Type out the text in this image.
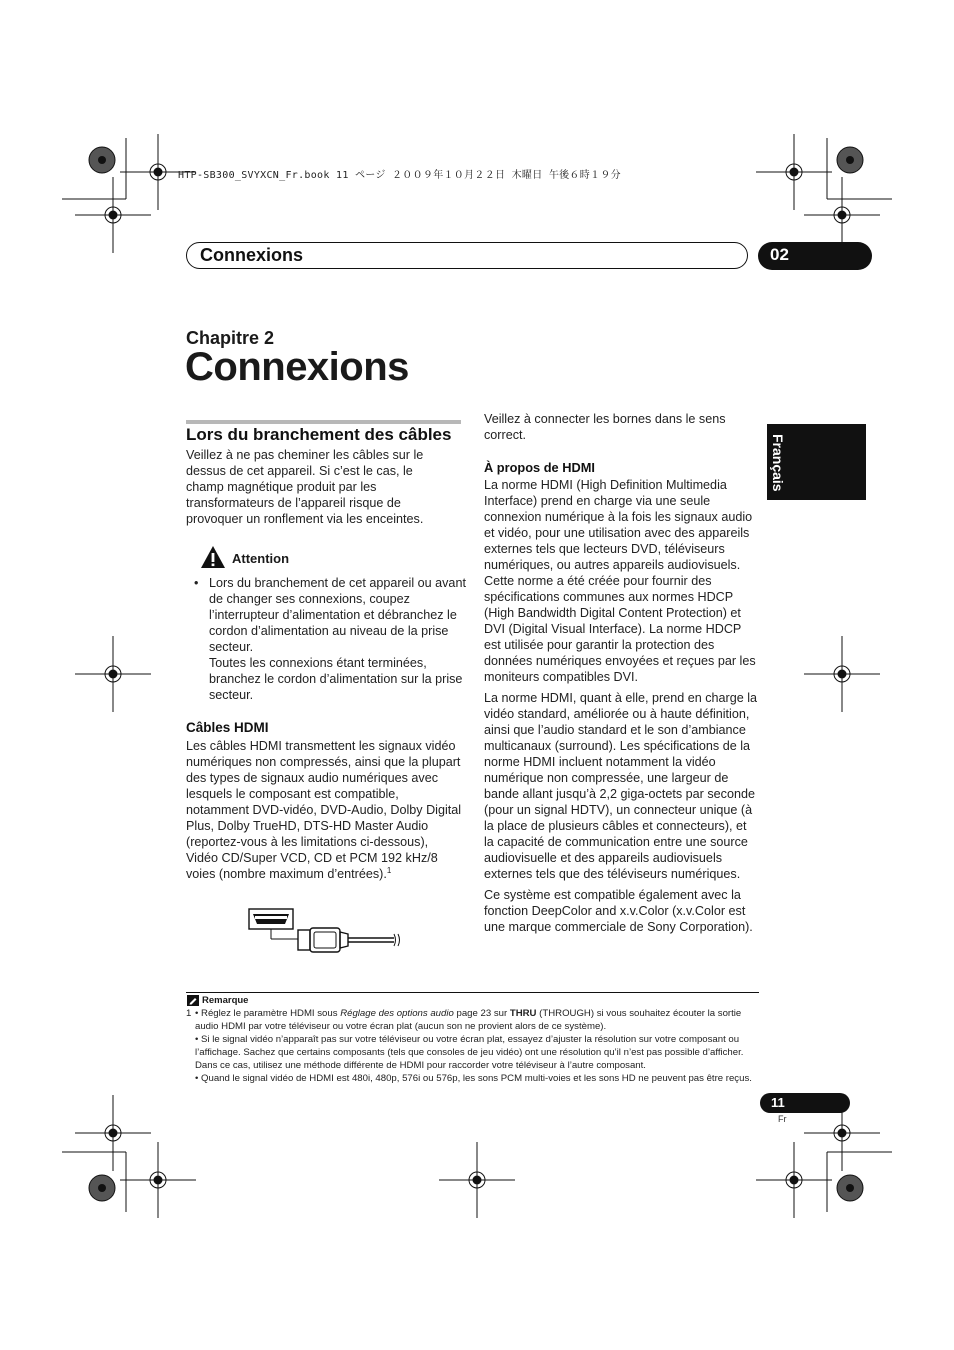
HTP-SB300_SVYXCN_Fr.book 11 ページ ２００９年１０月２２日 木曜日 午後６時１９分
Connexions	02
Chapitre 2
Connexions
Français
Lors du branchement des câbles

Veillez à ne pas cheminer les câbles sur le dessus de cet appareil. Si c’est le cas, le champ magnétique produit par les transformateurs de l’appareil risque de provoquer un ronflement via les enceintes.

Attention
• Lors du branchement de cet appareil ou avant de changer ses connexions, coupez l’interrupteur d’alimentation et débranchez le cordon d’alimentation au niveau de la prise secteur.

Toutes les connexions étant terminées, branchez le cordon d’alimentation sur la prise secteur.

Câbles HDMI

Les câbles HDMI transmettent les signaux vidéo numériques non compressés, ainsi que la plupart des types de signaux audio numériques avec lesquels le composant est compatible, notamment DVD-vidéo, DVD-Audio, Dolby Digital Plus, Dolby TrueHD, DTS-HD Master Audio (reportez-vous à les limitations ci-dessous), Vidéo CD/Super VCD, CD et PCM 192 kHz/8 voies (nombre maximum d’entrées).$^1$

Veillez à connecter les bornes dans le sens correct.

À propos de HDMI

La norme HDMI (High Definition Multimedia Interface) prend en charge via une seule connexion numérique à la fois les signaux audio et vidéo, pour une utilisation avec des appareils externes tels que lecteurs DVD, téléviseurs numériques, ou autres appareils audiovisuels. Cette norme a été créée pour fournir des spécifications communes aux normes HDCP (High Bandwidth Digital Content Protection) et DVI (Digital Visual Interface). La norme HDCP est utilisée pour garantir la protection des données numériques envoyées et reçues par les moniteurs compatibles DVI.

La norme HDMI, quant à elle, prend en charge la vidéo standard, améliorée ou à haute définition, ainsi que l’audio standard et le son d’ambiance multicanaux (surround). Les spécifications de la norme HDMI incluent notamment la vidéo numérique non compressée, une largeur de bande allant jusqu’à 2,2 giga-octets par seconde (pour un signal HDTV), un connecteur unique (à la place de plusieurs câbles et connecteurs), et la capacité de communication entre une source audiovisuelle et des appareils audiovisuels externes tels que des téléviseurs numériques.

Ce système est compatible également avec la fonction DeepColor and x.v.Color (x.v.Color est une marque commerciale de Sony Corporation).

Remarque
1 • Réglez le paramètre HDMI sous Réglage des options audio page 23 sur THRU (THROUGH) si vous souhaitez écouter la sortie audio HDMI par votre téléviseur ou votre écran plat (aucun son ne provient alors de ce système).
• Si le signal vidéo n’apparaît pas sur votre téléviseur ou votre écran plat, essayez d’ajuster la résolution sur votre composant ou l’affichage. Sachez que certains composants (tels que consoles de jeu vidéo) ont une résolution qu’il n’est pas possible d’afficher. Dans ce cas, utilisez une méthode différente de HDMI pour raccorder votre téléviseur à l’autre composant.
• Quand le signal vidéo de HDMI est 480i, 480p, 576i ou 576p, les sons PCM multi-voies et les sons HD ne peuvent pas être reçus.
11
Fr
